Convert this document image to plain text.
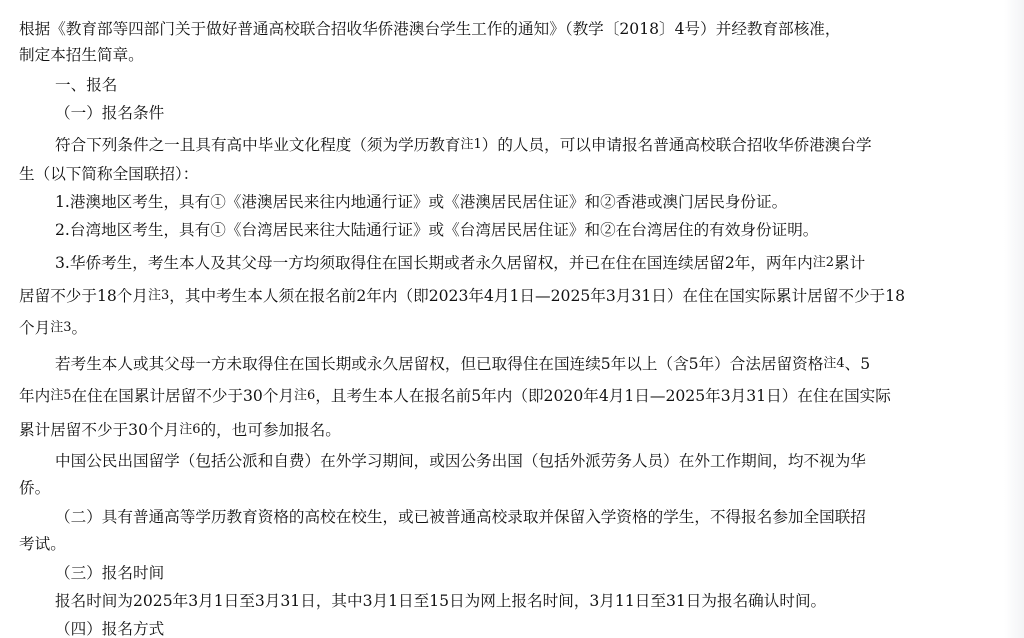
根据《教育部等四部门关于做好普通高校联合招收华侨港澳台学生工作的通知》（教学〔2018〕4号）并经教育部核准，
制定本招生简章。
一、报名
（一）报名条件
符合下列条件之一且具有高中毕业文化程度（须为学历教育$^{注1}$）的人员，可以申请报名普通高校联合招收华侨港澳台学
生（以下简称全国联招）：
1.港澳地区考生，具有①《港澳居民来往内地通行证》或《港澳居民居住证》和②香港或澳门居民身份证。
2.台湾地区考生，具有①《台湾居民来往大陆通行证》或《台湾居民居住证》和②在台湾居住的有效身份证明。
3.华侨考生，考生本人及其父母一方均须取得住在国长期或者永久居留权，并已在住在国连续居留2年，两年内$^{注2}$累计
居留不少于18个月$^{注3}$，其中考生本人须在报名前2年内（即2023年4月1日—2025年3月31日）在住在国实际累计居留不少于18
个月$^{注3}$。
若考生本人或其父母一方未取得住在国长期或永久居留权，但已取得住在国连续5年以上（含5年）合法居留资格$^{注4}$、5
年内$^{注5}$在住在国累计居留不少于30个月$^{注6}$，且考生本人在报名前5年内（即2020年4月1日—2025年3月31日）在住在国实际
累计居留不少于30个月$^{注6}$的，也可参加报名。
中国公民出国留学（包括公派和自费）在外学习期间，或因公务出国（包括外派劳务人员）在外工作期间，均不视为华
侨。
（二）具有普通高等学历教育资格的高校在校生，或已被普通高校录取并保留入学资格的学生，不得报名参加全国联招
考试。
（三）报名时间
报名时间为2025年3月1日至3月31日，其中3月1日至15日为网上报名时间，3月11日至31日为报名确认时间。
（四）报名方式
